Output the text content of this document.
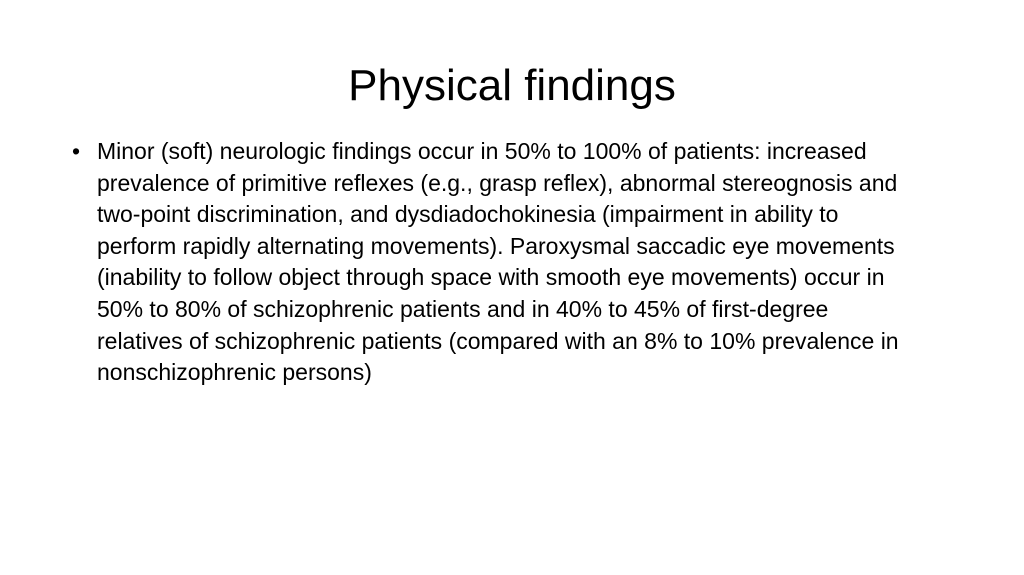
Physical findings
• Minor (soft) neurologic findings occur in 50% to 100% of patients: increased prevalence of primitive reflexes (e.g., grasp reflex), abnormal stereognosis and two-point discrimination, and dysdiadochokinesia (impairment in ability to perform rapidly alternating movements). Paroxysmal saccadic eye movements (inability to follow object through space with smooth eye movements) occur in 50% to 80% of schizophrenic patients and in 40% to 45% of first-degree relatives of schizophrenic patients (compared with an 8% to 10% prevalence in nonschizophrenic persons)
